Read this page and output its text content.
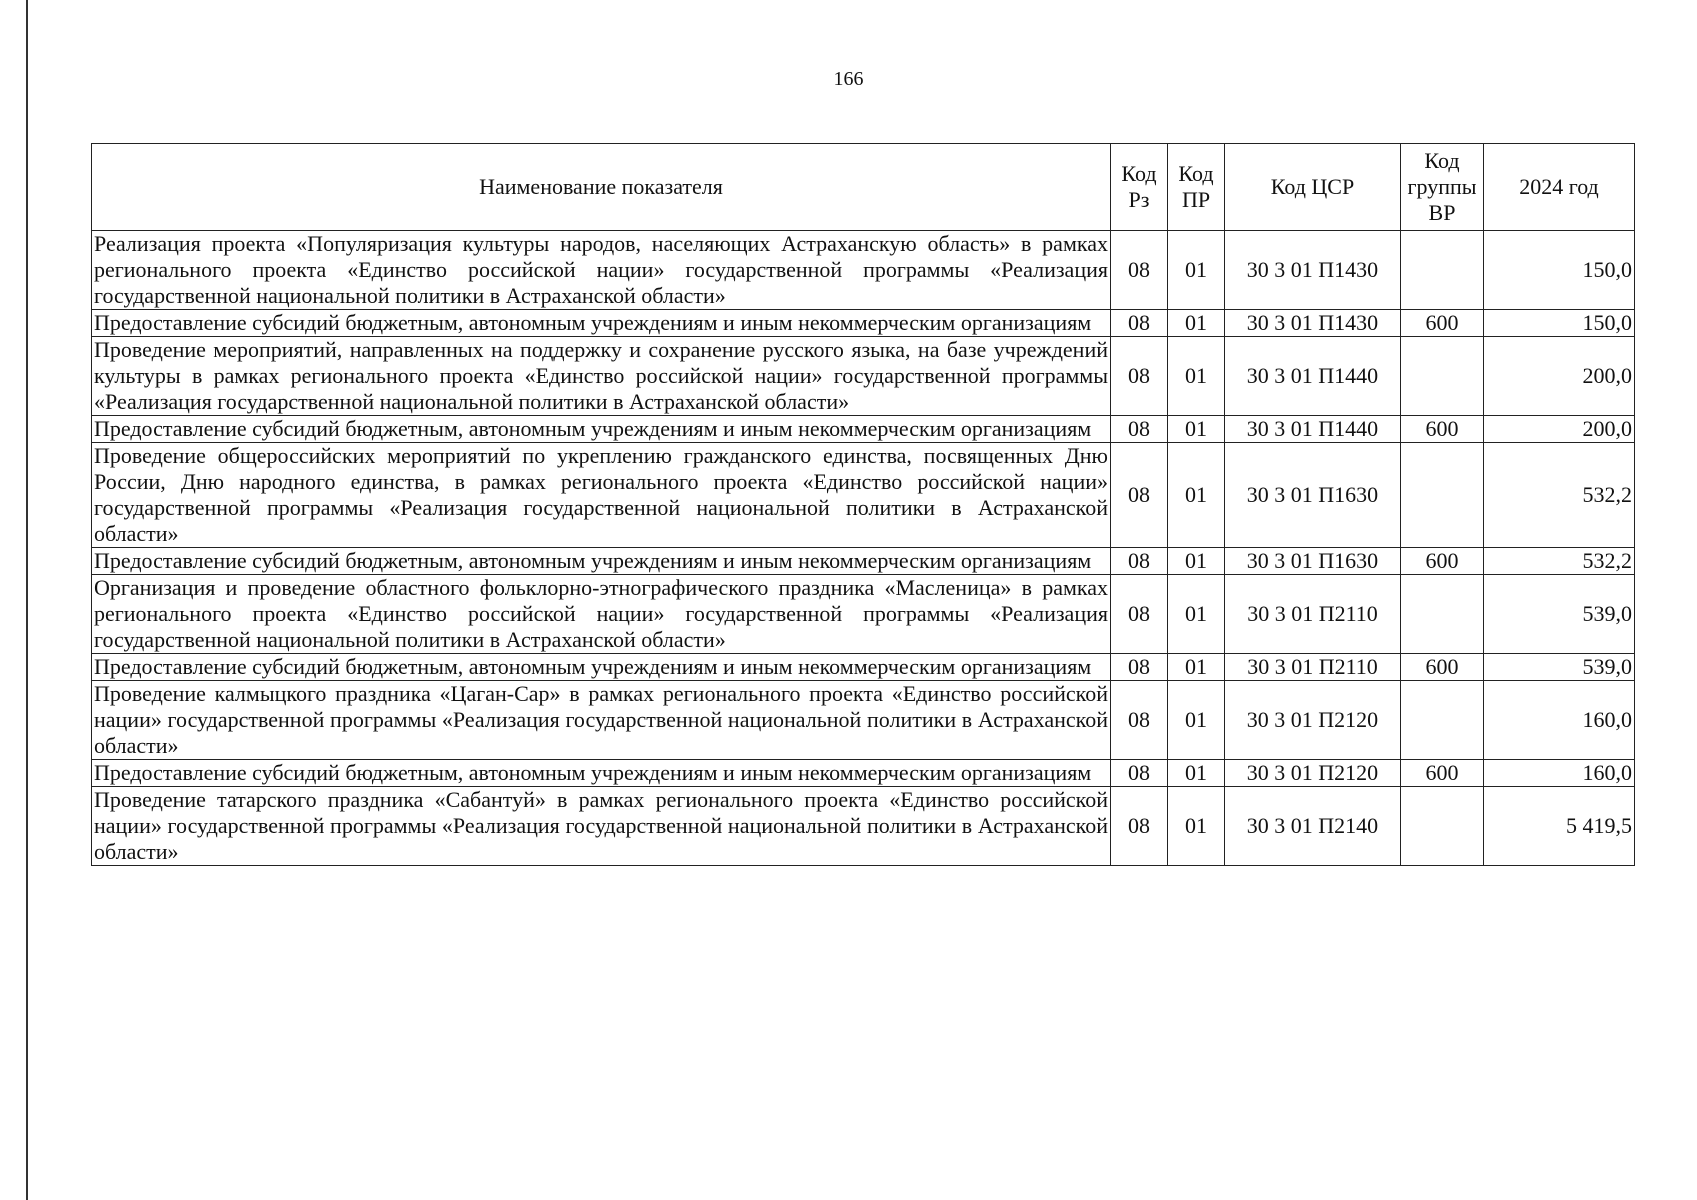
166
Наименование показателя	Код Рз	Код ПР	Код ЦСР	Код группы ВР	2024 год
Реализация проекта «Популяризация культуры народов, населяющих Астраханскую область» в рамках регионального проекта «Единство российской нации» государственной программы «Реализация государственной национальной политики в Астраханской области»	08	01	30 3 01 П1430		150,0
Предоставление субсидий бюджетным, автономным учреждениям и иным некоммерческим организациям	08	01	30 3 01 П1430	600	150,0
Проведение мероприятий, направленных на поддержку и сохранение русского языка, на базе учреждений культуры в рамках регионального проекта «Единство российской нации» государственной программы «Реализация государственной национальной политики в Астраханской области»	08	01	30 3 01 П1440		200,0
Предоставление субсидий бюджетным, автономным учреждениям и иным некоммерческим организациям	08	01	30 3 01 П1440	600	200,0
Проведение общероссийских мероприятий по укреплению гражданского единства, посвященных Дню России, Дню народного единства, в рамках регионального проекта «Единство российской нации» государственной программы «Реализация государственной национальной политики в Астраханской области»	08	01	30 3 01 П1630		532,2
Предоставление субсидий бюджетным, автономным учреждениям и иным некоммерческим организациям	08	01	30 3 01 П1630	600	532,2
Организация и проведение областного фольклорно-этнографического праздника «Масленица» в рамках регионального проекта «Единство российской нации» государственной программы «Реализация государственной национальной политики в Астраханской области»	08	01	30 3 01 П2110		539,0
Предоставление субсидий бюджетным, автономным учреждениям и иным некоммерческим организациям	08	01	30 3 01 П2110	600	539,0
Проведение калмыцкого праздника «Цаган-Сар» в рамках регионального проекта «Единство российской нации» государственной программы «Реализация государственной национальной политики в Астраханской области»	08	01	30 3 01 П2120		160,0
Предоставление субсидий бюджетным, автономным учреждениям и иным некоммерческим организациям	08	01	30 3 01 П2120	600	160,0
Проведение татарского праздника «Сабантуй» в рамках регионального проекта «Единство российской нации» государственной программы «Реализация государственной национальной политики в Астраханской области»	08	01	30 3 01 П2140		5 419,5
